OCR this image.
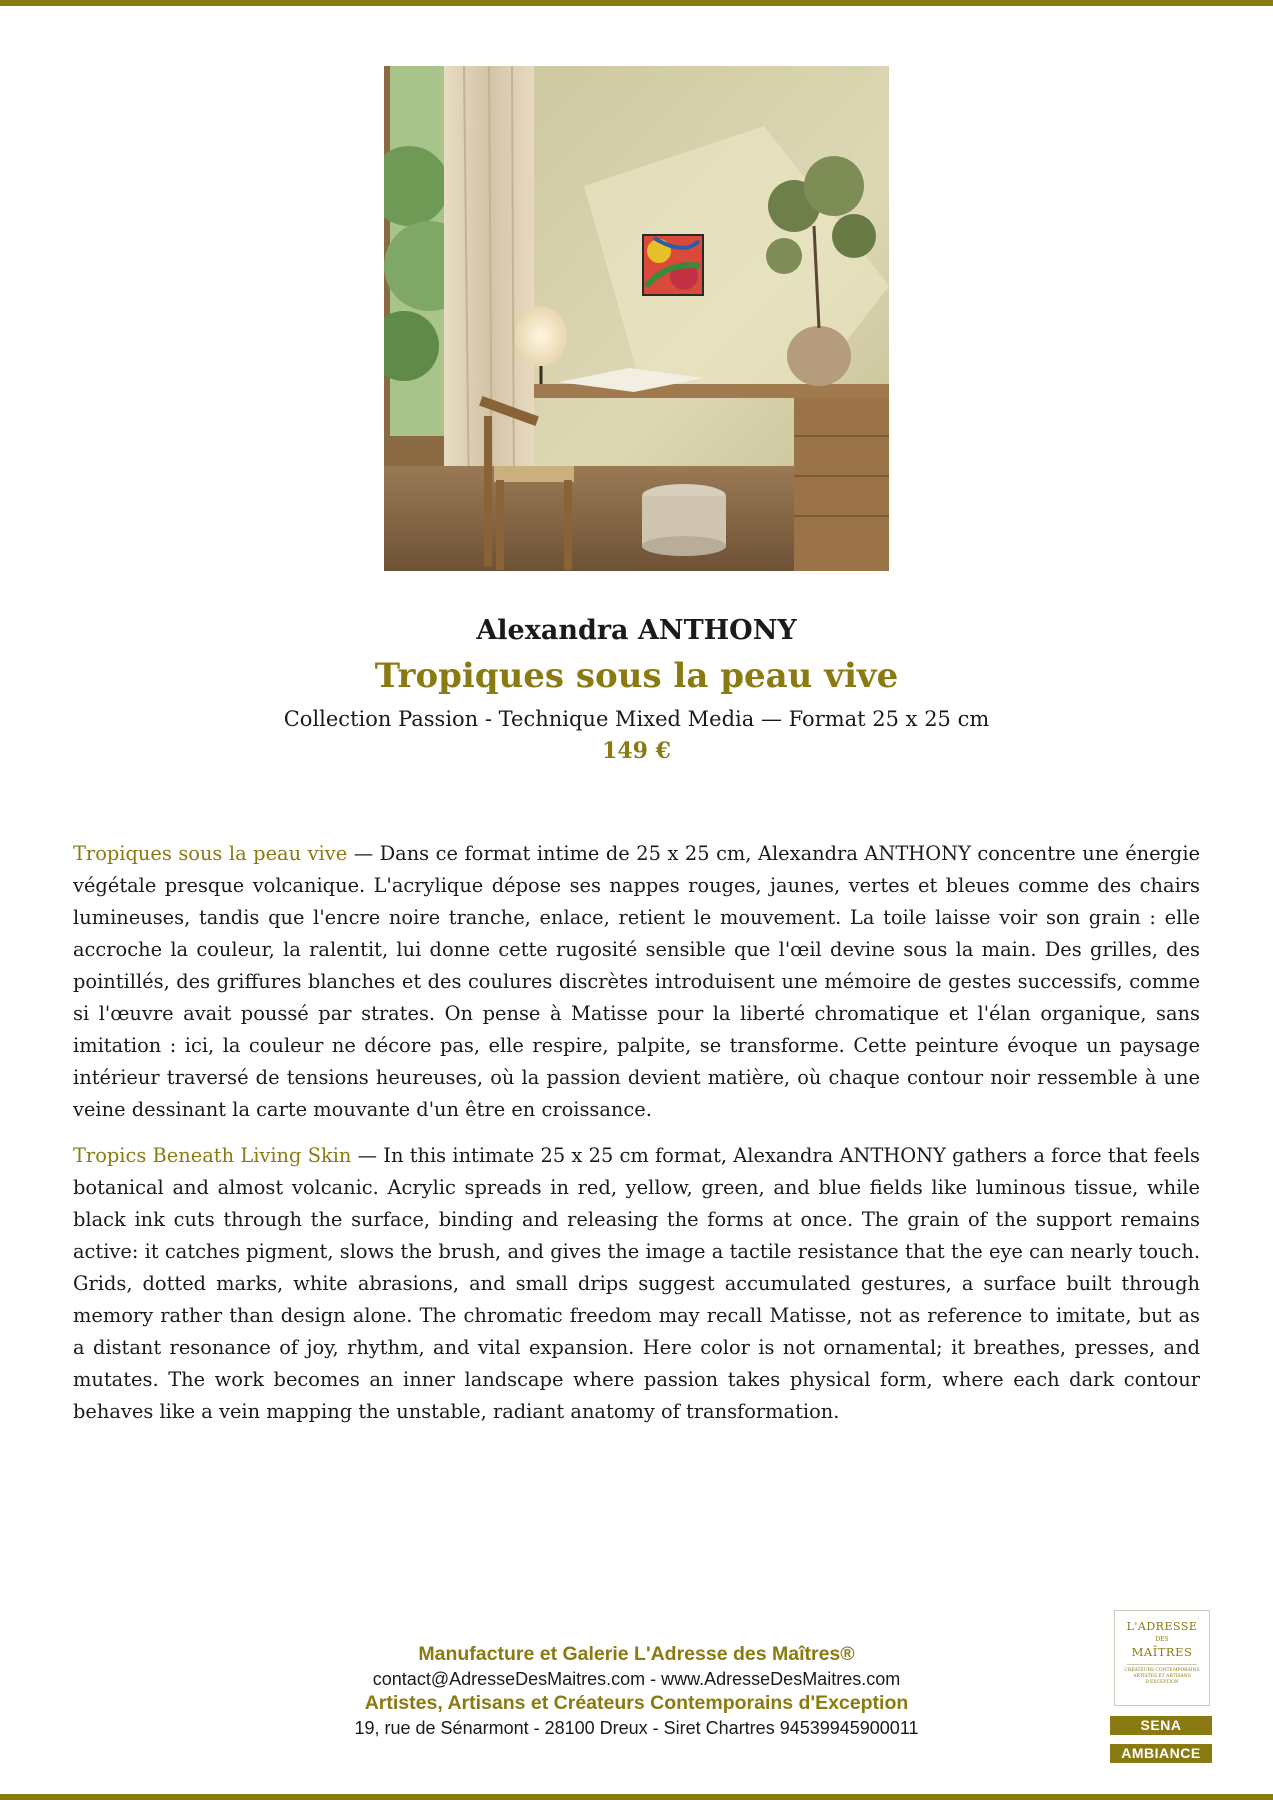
Alexandra ANTHONY

Tropiques sous la peau vive

Collection Passion - Technique Mixed Media — Format 25 x 25 cm

149 €

Tropiques sous la peau vive — Dans ce format intime de 25 x 25 cm, Alexandra ANTHONY concentre une énergie végétale presque volcanique. L'acrylique dépose ses nappes rouges, jaunes, vertes et bleues comme des chairs lumineuses, tandis que l'encre noire tranche, enlace, retient le mouvement. La toile laisse voir son grain : elle accroche la couleur, la ralentit, lui donne cette rugosité sensible que l'œil devine sous la main. Des grilles, des pointillés, des griffures blanches et des coulures discrètes introduisent une mémoire de gestes successifs, comme si l'œuvre avait poussé par strates. On pense à Matisse pour la liberté chromatique et l'élan organique, sans imitation : ici, la couleur ne décore pas, elle respire, palpite, se transforme. Cette peinture évoque un paysage intérieur traversé de tensions heureuses, où la passion devient matière, où chaque contour noir ressemble à une veine dessinant la carte mouvante d'un être en croissance.

Tropics Beneath Living Skin — In this intimate 25 x 25 cm format, Alexandra ANTHONY gathers a force that feels botanical and almost volcanic. Acrylic spreads in red, yellow, green, and blue fields like luminous tissue, while black ink cuts through the surface, binding and releasing the forms at once. The grain of the support remains active: it catches pigment, slows the brush, and gives the image a tactile resistance that the eye can nearly touch. Grids, dotted marks, white abrasions, and small drips suggest accumulated gestures, a surface built through memory rather than design alone. The chromatic freedom may recall Matisse, not as reference to imitate, but as a distant resonance of joy, rhythm, and vital expansion. Here color is not ornamental; it breathes, presses, and mutates. The work becomes an inner landscape where passion takes physical form, where each dark contour behaves like a vein mapping the unstable, radiant anatomy of transformation.

Manufacture et Galerie L'Adresse des Maîtres®
contact@AdresseDesMaitres.com - www.AdresseDesMaitres.com
Artistes, Artisans et Créateurs Contemporains d'Exception
19, rue de Sénarmont - 28100 Dreux - Siret Chartres 94539945900011
L'ADRESSE
DES
MAÎTRES
CRÉATEURS CONTEMPORAINS ARTISTES ET ARTISANS D'EXCEPTION
SENA
AMBIANCE
